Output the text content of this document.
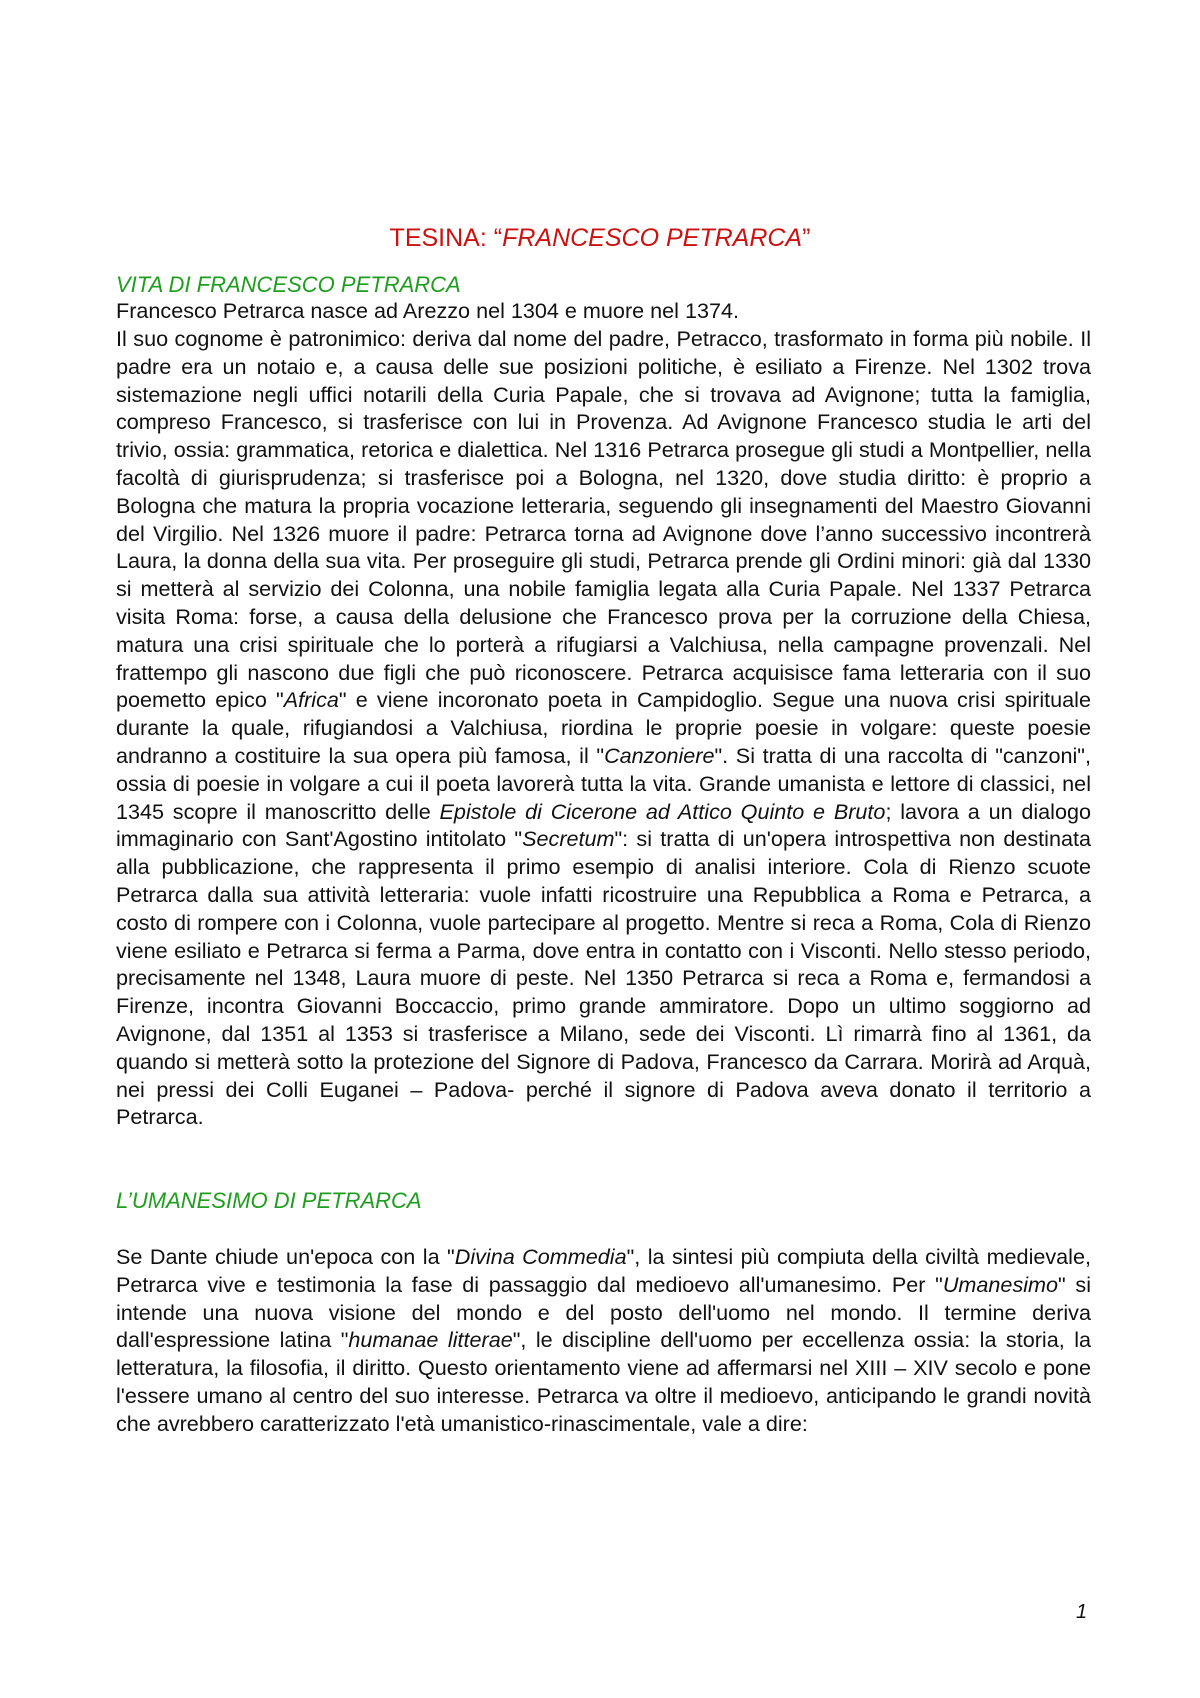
TESINA: “FRANCESCO PETRARCA”
VITA DI FRANCESCO PETRARCA

Francesco Petrarca nasce ad Arezzo nel 1304 e muore nel 1374.

Il suo cognome è patronimico: deriva dal nome del padre, Petracco, trasformato in forma più nobile. Il padre era un notaio e, a causa delle sue posizioni politiche, è esiliato a Firenze. Nel 1302 trova sistemazione negli uffici notarili della Curia Papale, che si trovava ad Avignone; tutta la famiglia, compreso Francesco, si trasferisce con lui in Provenza. Ad Avignone Francesco studia le arti del trivio, ossia: grammatica, retorica e dialettica. Nel 1316 Petrarca prosegue gli studi a Montpellier, nella facoltà di giurisprudenza; si trasferisce poi a Bologna, nel 1320, dove studia diritto: è proprio a Bologna che matura la propria vocazione letteraria, seguendo gli insegnamenti del Maestro Giovanni del Virgilio. Nel 1326 muore il padre: Petrarca torna ad Avignone dove l’anno successivo incontrerà Laura, la donna della sua vita. Per proseguire gli studi, Petrarca prende gli Ordini minori: già dal 1330 si metterà al servizio dei Colonna, una nobile famiglia legata alla Curia Papale. Nel 1337 Petrarca visita Roma: forse, a causa della delusione che Francesco prova per la corruzione della Chiesa, matura una crisi spirituale che lo porterà a rifugiarsi a Valchiusa, nella campagne provenzali. Nel frattempo gli nascono due figli che può riconoscere. Petrarca acquisisce fama letteraria con il suo poemetto epico "Africa" e viene incoronato poeta in Campidoglio. Segue una nuova crisi spirituale durante la quale, rifugiandosi a Valchiusa, riordina le proprie poesie in volgare: queste poesie andranno a costituire la sua opera più famosa, il "Canzoniere". Si tratta di una raccolta di "canzoni", ossia di poesie in volgare a cui il poeta lavorerà tutta la vita. Grande umanista e lettore di classici, nel 1345 scopre il manoscritto delle Epistole di Cicerone ad Attico Quinto e Bruto; lavora a un dialogo immaginario con Sant'Agostino intitolato "Secretum": si tratta di un'opera introspettiva non destinata alla pubblicazione, che rappresenta il primo esempio di analisi interiore. Cola di Rienzo scuote Petrarca dalla sua attività letteraria: vuole infatti ricostruire una Repubblica a Roma e Petrarca, a costo di rompere con i Colonna, vuole partecipare al progetto. Mentre si reca a Roma, Cola di Rienzo viene esiliato e Petrarca si ferma a Parma, dove entra in contatto con i Visconti. Nello stesso periodo, precisamente nel 1348, Laura muore di peste. Nel 1350 Petrarca si reca a Roma e, fermandosi a Firenze, incontra Giovanni Boccaccio, primo grande ammiratore. Dopo un ultimo soggiorno ad Avignone, dal 1351 al 1353 si trasferisce a Milano, sede dei Visconti. Lì rimarrà fino al 1361, da quando si metterà sotto la protezione del Signore di Padova, Francesco da Carrara. Morirà ad Arquà, nei pressi dei Colli Euganei – Padova- perché il signore di Padova aveva donato il territorio a Petrarca.

L’UMANESIMO DI PETRARCA

Se Dante chiude un'epoca con la "Divina Commedia", la sintesi più compiuta della civiltà medievale, Petrarca vive e testimonia la fase di passaggio dal medioevo all'umanesimo. Per "Umanesimo" si intende una nuova visione del mondo e del posto dell'uomo nel mondo. Il termine deriva dall'espressione latina "humanae litterae", le discipline dell'uomo per eccellenza ossia: la storia, la letteratura, la filosofia, il diritto. Questo orientamento viene ad affermarsi nel XIII – XIV secolo e pone l'essere umano al centro del suo interesse. Petrarca va oltre il medioevo, anticipando le grandi novità che avrebbero caratterizzato l'età umanistico-rinascimentale, vale a dire:

1
